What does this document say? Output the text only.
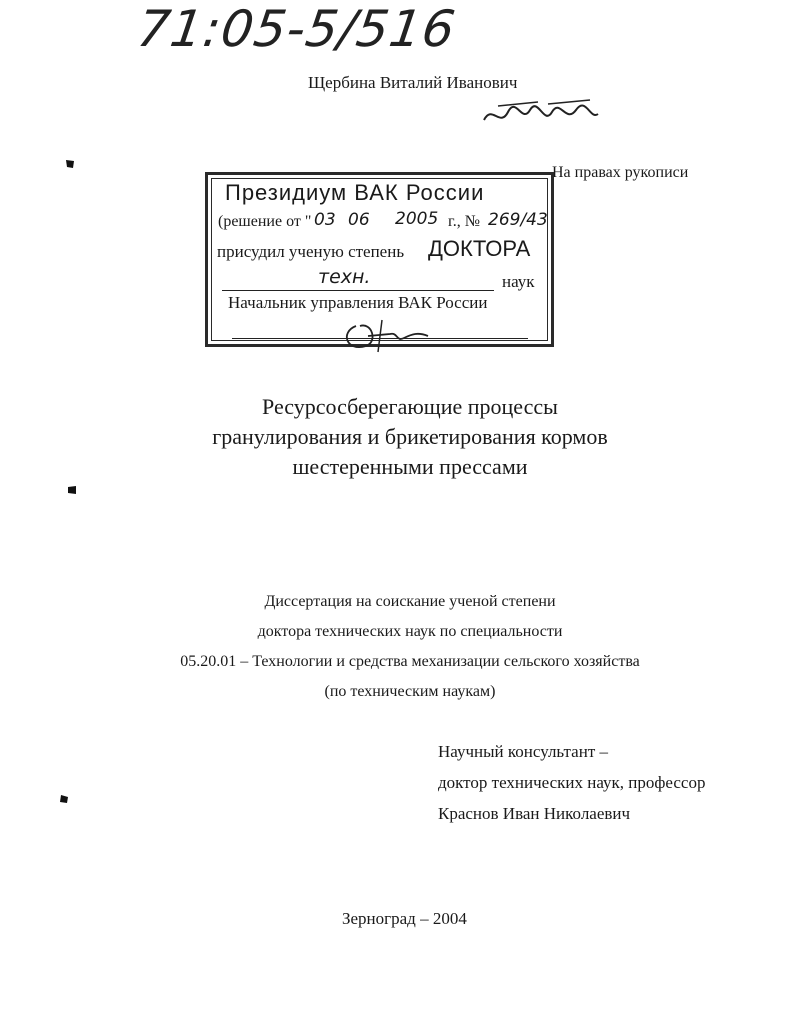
71:05-5/516
Щербина Виталий Иванович
На правах рукописи
Президиум ВАК России
(решение от " 03 06 2005 г., № 269/43
присудил ученую степень ДОКТОРА
техн.	наук
Начальник управления ВАК России
Ресурсосберегающие процессы
гранулирования и брикетирования кормов
шестеренными прессами
Диссертация на соискание ученой степени
доктора технических наук по специальности
05.20.01 – Технологии и средства механизации сельского хозяйства
(по техническим наукам)
Научный консультант –
доктор технических наук, профессор
Краснов Иван Николаевич
Зерноград – 2004
